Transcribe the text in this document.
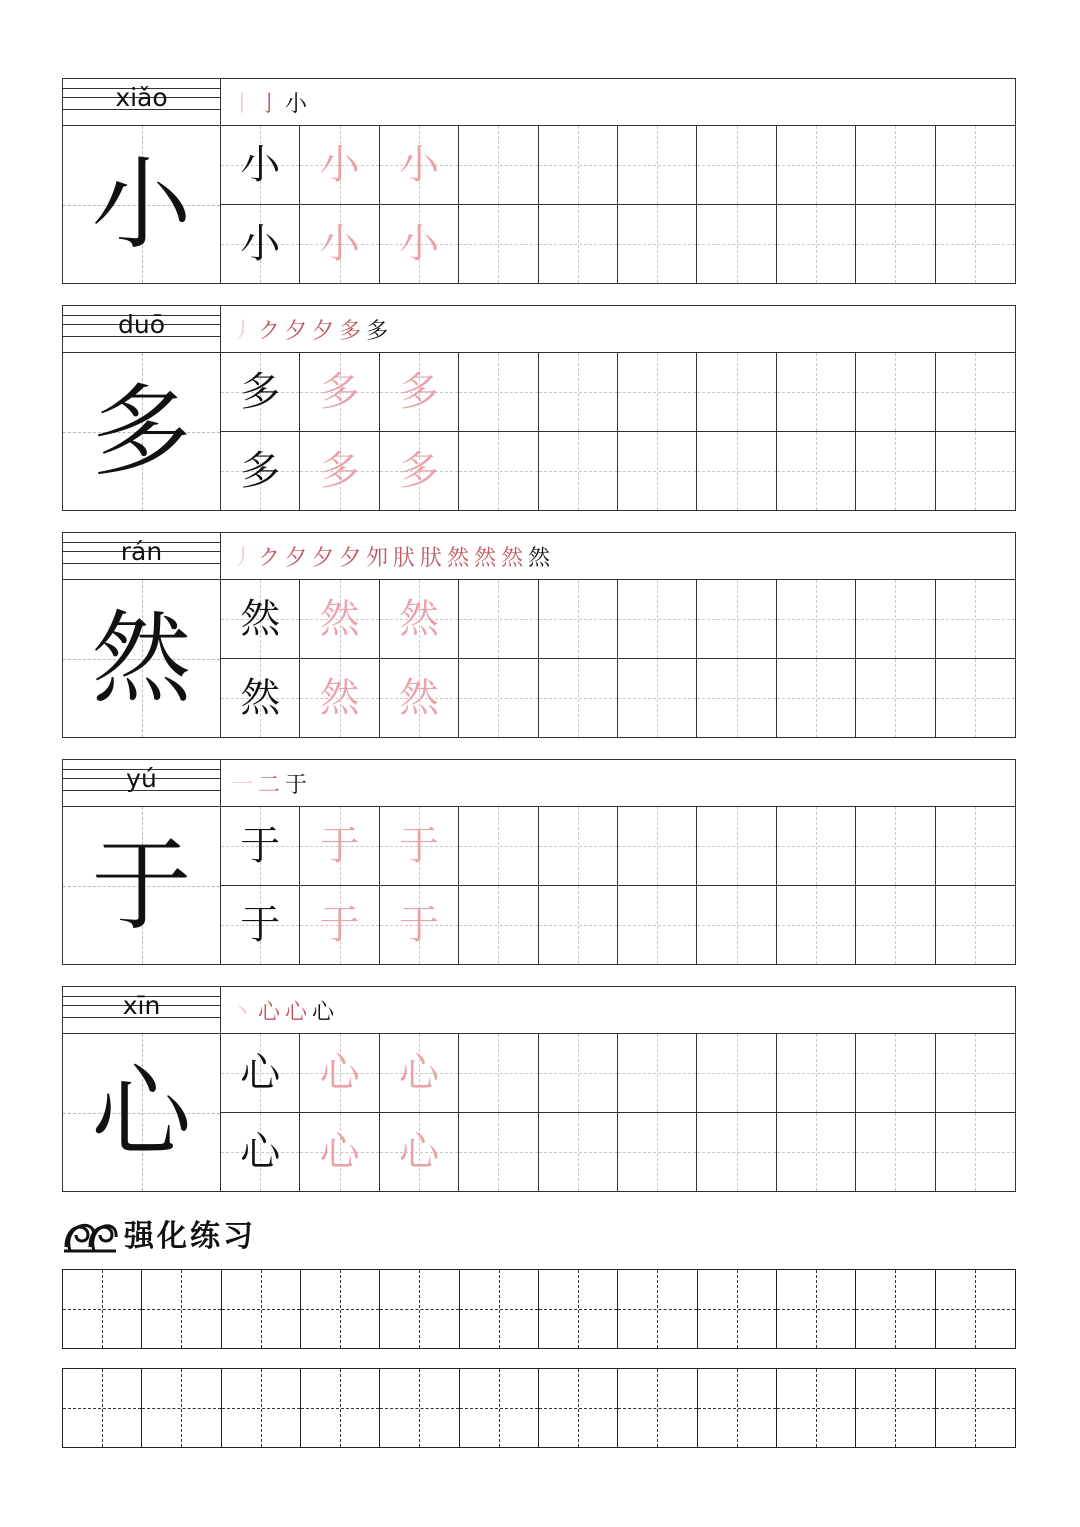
xiǎo
小
丨 亅 小
小 小 小
小 小 小
duō
多
丿 ク 夕 夕 多 多
多 多 多
多 多 多
rán
然
丿 ク 夕 夕 夕 夘 肰 肰 然 然 然 然
然 然 然
然 然 然
yú
于
一 二 于
于 于 于
于 于 于
xīn
心
丶 心 心 心
心 心 心
心 心 心
强化练习
